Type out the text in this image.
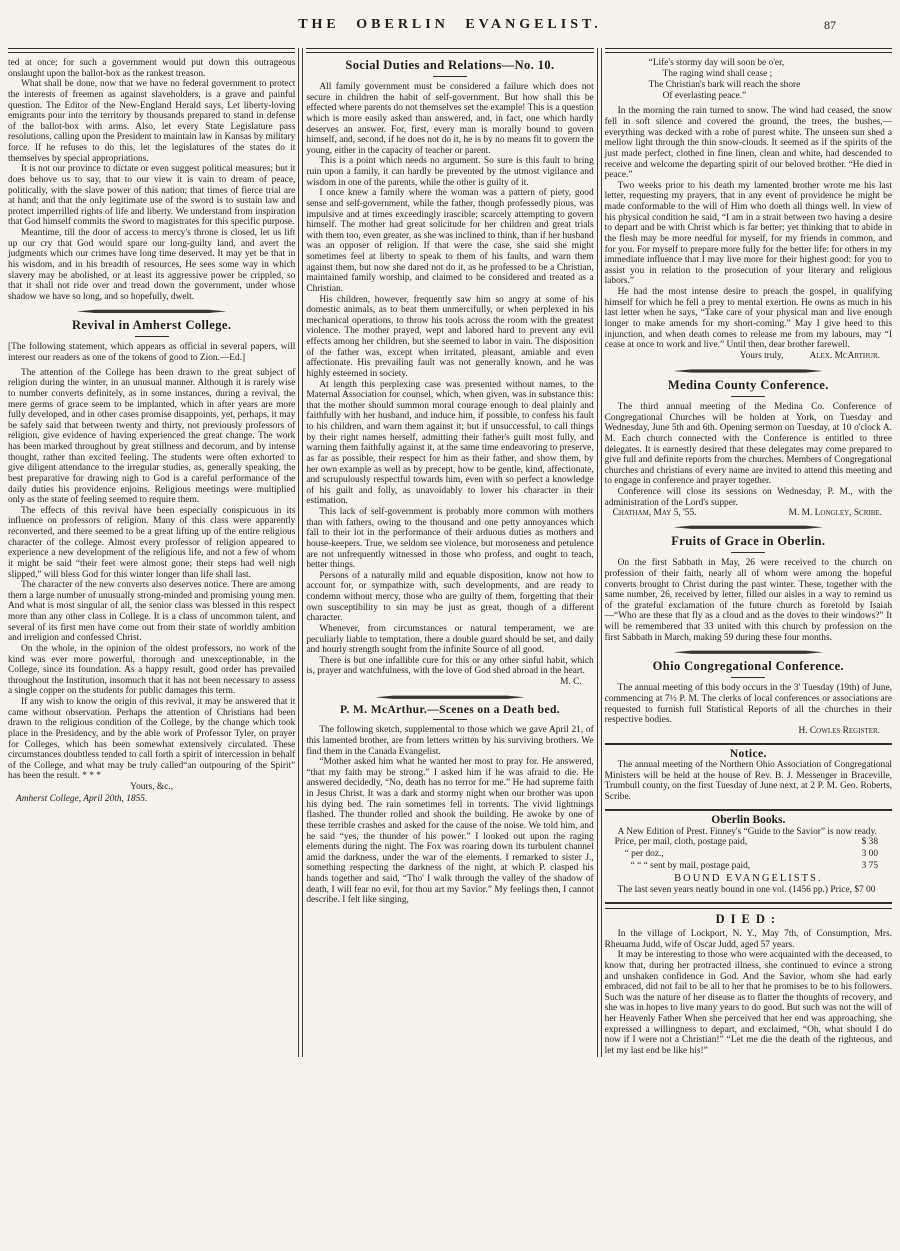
THE OBERLIN EVANGELIST.	87

ted at once; for such a government would put down this outrageous onslaught upon the ballot-box as the rankest treason.

What shall be done, now that we have no federal government to protect the interests of freemen as against slaveholders, is a grave and painful question. The Editor of the New-England Herald says, Let liberty-loving emigrants pour into the territory by thousands prepared to stand in defense of the ballot-box with arms. Also, let every State Legislature pass resolutions, calling upon the President to maintain law in Kansas by military force. If he refuses to do this, let the legislatures of the states do it themselves by special appropriations.

It is not our province to dictate or even suggest political measures; but it does behove us to say, that to our view it is vain to dream of peace, politically, with the slave power of this nation; that times of fierce trial are at hand; and that the only legitimate use of the sword is to sustain law and protect imperrilled rights of life and liberty. We understand from inspiration that God himself commits the sword to magistrates for this specific purpose.

Meantime, till the door of access to mercy's throne is closed, let us lift up our cry that God would spare our long-guilty land, and avert the judgments which our crimes have long time deserved. It may yet be that in his wisdom, and in his breadth of resources, He sees some way in which slavery may be abolished, or at least its aggressive power be crippled, so that it shall not ride over and tread down the government, under whose shadow we have so long, and so hopefully, dwelt.

Revival in Amherst College.
[The following statement, which appears as official in several papers, will interest our readers as one of the tokens of good to Zion.—Ed.]

The attention of the College has been drawn to the great subject of religion during the winter, in an unusual manner. Although it is rarely wise to number converts definitely, as in some instances, during a revival, the mere germs of grace seem to be implanted, which in after years are more fully developed, and in other cases promise disappoints, yet, perhaps, it may be safely said that between twenty and thirty, not previously professors of religion, give evidence of having experienced the great change. The work has been marked throughout by great stillness and decorum, and by intense thought, rather than excited feeling. The students were often exhorted to give diligent attendance to the irregular studies, as, generally speaking, the best preparative for drawing nigh to God is a careful performance of the daily duties his providence enjoins. Religious meetings were multiplied only as the state of feeling seemed to require them.

The effects of this revival have been especially conspicuous in its influence on professors of religion. Many of this class were apparently reconverted, and there seemed to be a great lifting up of the entire religious character of the college. Almost every professor of religion appeared to experience a new development of the religious life, and not a few of whom it might be said “their feet were almost gone; their steps had well nigh slipped,” will bless God for this winter longer than life shall last.

The character of the new converts also deserves notice. There are among them a large number of unusually strong-minded and promising young men. And what is most singular of all, the senior class was blessed in this respect more than any other class in College. It is a class of uncommon talent, and several of its first men have come out from their state of worldly ambition and irreligion and confessed Christ.

On the whole, in the opinion of the oldest professors, no work of the kind was ever more powerful, thorough and unexceptionable, in the College, since its foundation. As a happy result, good order has prevailed throughout the Institution, insomuch that it has not been necessary to assess a single copper on the students for public damages this term.

If any wish to know the origin of this revival, it may be answered that it came without observation. Perhaps the attention of Christians had been drawn to the religious condition of the College, by the change which took place in the Presidency, and by the able work of Professor Tyler, on prayer for Colleges, which has been somewhat extensively circulated. These circumstances doubtless tended to call forth a spirit of intercession in behalf of the College, and what may be truly called“an outpouring of the Spirit” has been the result. * * *

Yours, &c.,
Amherst College, April 20th, 1855.
Social Duties and Relations—No. 10.

All family government must be considered a failure which does not secure in children the habit of self-government. But how shall this be effected where parents do not themselves set the example! This is a question which is more easily asked than answered, and, in fact, one which hardly deserves an answer. For, first, every man is morally bound to govern himself, and, second, if he does not do it, he is by no means fit to govern the young, either in the capacity of teacher or parent.

This is a point which needs no argument. So sure is this fault to bring ruin upon a family, it can hardly be prevented by the utmost vigilance and wisdom in one of the parents, while the other is guilty of it.

I once knew a family where the woman was a pattern of piety, good sense and self-government, while the father, though professedly pious, was impulsive and at times exceedingly irascible; scarcely attempting to govern himself. The mother had great solicitude for her children and great trials with them too, even greater, as she was inclined to think, than if her husband was an opposer of religion. If that were the case, she said she might sometimes feel at liberty to speak to them of his faults, and warn them against them, but now she dared not do it, as he professed to be a Christian, maintained family worship, and claimed to be considered and treated as a Christian.

His children, however, frequently saw him so angry at some of his domestic animals, as to beat them unmercifully, or when perplexed in his mechanical operations, to throw his tools across the room with the greatest violence. The mother prayed, wept and labored hard to prevent any evil effects among her children, but she seemed to labor in vain. The disposition of the father was, except when irritated, pleasant, amiable and even affectionate. His prevailing fault was not generally known, and he was highly esteemed in society.

At length this perplexing case was presented without names, to the Maternal Association for counsel, which, when given, was in substance this: that the mother should summon moral courage enough to deal plainly and faithfully with her husband, and induce him, if possible, to confess his fault to his children, and warn them against it; but if unsuccessful, to call things by their right names herself, admitting their father's guilt most fully, and warning them faithfully against it, at the same time endeavoring to preserve, as far as possible, their respect for him as their father, and show them, by her own example as well as by precept, how to be gentle, kind, affectionate, and scrupulously respectful towards him, even with so perfect a knowledge of his guilt and folly, as unavoidably to lower his character in their estimation.

This lack of self-government is probably more common with mothers than with fathers, owing to the thousand and one petty annoyances which fall to their lot in the performance of their arduous duties as mothers and house-keepers. True, we seldom see violence, but moroseness and petulence are not unfrequently witnessed in those who profess, and ought to teach, better things.

Persons of a naturally mild and equable disposition, know not how to account for, or sympathize with, such developments, and are ready to condemn without mercy, those who are guilty of them, forgetting that their own susceptibility to sin may be just as great, though of a different character.

Whenever, from circumstances or natural temperament, we are peculiarly liable to temptation, there a double guard should be set, and daily and hourly strength sought from the infinite Source of all good.

There is but one infallible cure for this or any other sinful habit, which is, prayer and watchfulness, with the love of God shed abroad in the heart.

M. C.
P. M. McArthur.—Scenes on a Death bed.

The following sketch, supplemental to those which we gave April 21, of this lamented brother, are from letters written by his surviving brothers. We find them in the Canada Evangelist.

“Mother asked him what he wanted her most to pray for. He answered, “that my faith may be strong.” I asked him if he was afraid to die. He answered decidedly, “No, death has no terror for me.” He had supreme faith in Jesus Christ. It was a dark and stormy night when our brother was upon his dying bed. The rain sometimes fell in torrents. The vivid lightnings flashed. The thunder rolled and shook the building. He awoke by one of these terrible crashes and asked for the cause of the noise. We told him, and he said “yes, the thunder of his power.” I looked out upon the raging elements during the night. The Fox was roaring down its turbulent channel amid the darkness, under the war of the elements. I remarked to sister J., something respecting the darkness of the night, at which P. clasped his hands together and said, “Tho' I walk through the valley of the shadow of death, I will fear no evil, for thou art my Savior.” My feelings then, I cannot describe. I felt like singing,

“Life's stormy day will soon be o'er,
The raging wind shall cease ;
The Christian's bark will reach the shore
Of everlasting peace.”

In the morning the rain turned to snow. The wind had ceased, the snow fell in soft silence and covered the ground, the trees, the bushes,—everything was decked with a robe of purest white. The unseen sun shed a mellow light through the thin snow-clouds. It seemed as if the spirits of the just made perfect, clothed in fine linen, clean and white, had descended to receive and welcome the departing spirit of our beloved brother. “He died in peace.”

Two weeks prior to his death my lamented brother wrote me his last letter, requesting my prayers, that in any event of providence he might be made conformable to the will of Him who doeth all things well. In view of his physical condition he said, “I am in a strait between two having a desire to depart and be with Christ which is far better; yet thinking that to abide in the flesh may be more needful for myself, for my friends in common, and for you. For myself to prepare more fully for the better life: for others in my immediate influence that I may live more for their highest good: for you to assist you in relation to the prosecution of your literary and religious labors.”

He had the most intense desire to preach the gospel, in qualifying himself for which he fell a prey to mental exertion. He owns as much in his last letter when he says, “Take care of your physical man and live enough longer to make amends for my short-coming.” May I give heed to this injunction, and when death comes to release me from my labours, may “I cease at once to work and live.” Until then, dear brother farewell.

Yours truly,	Alex. McArthur.
Medina County Conference.

The third annual meeting of the Medina Co. Conference of Congregational Churches will be holden at York, on Tuesday and Wednesday, June 5th and 6th. Opening sermon on Tuesday, at 10 o'clock A. M. Each church connected with the Conference is entitled to three delegates. It is earnestly desired that these delegates may come prepared to give full and definite reports from the churches. Members of Congregational churches and christians of every name are invited to attend this meeting and to engage in conference and prayer together.

Conference will close its sessions on Wednesday, P. M., with the administration of the Lord's supper.

Chatham, May 5, '55.	M. M. Longley, Scribe.
Fruits of Grace in Oberlin.

On the first Sabbath in May, 26 were received to the church on profession of their faith, nearly all of whom were among the hopeful converts brought to Christ during the past winter. These, together with the same number, 26, received by letter, filled our aisles in a way to remind us of the grateful exclamation of the future church as foretold by Isaiah—“Who are these that fly as a cloud and as the doves to their windows?” It will be remembered that 33 united with this church by profession on the first Sabbath in March, making 59 during these four months.

Ohio Congregational Conference.

The annual meeting of this body occurs in the 3' Tuesday (19th) of June, commencing at 7½ P. M. The clerks of local conferences or associations are requested to furnish full Statistical Reports of all the churches in their respective bodies.

H. Cowles Register.
Notice.

The annual meeting of the Northern Ohio Association of Congregational Ministers will be held at the house of Rev. B. J. Messenger in Braceville, Trumbull county, on the first Tuesday of June next, at 2 P. M. Geo. Roberts, Scribe.

Oberlin Books.

A New Edition of Prest. Finney's “Guide to the Savior” is now ready.

Price, per mail, cloth, postage paid,	$ 38
“ per doz.,	3 00
“ “ “ sent by mail, postage paid,	3 75
BOUND EVANGELISTS.

The last seven years neatly bound in one vol. (1456 pp.) Price, $7 00

DIED:

In the village of Lockport, N. Y., May 7th, of Consumption, Mrs. Rheuama Judd, wife of Oscar Judd, aged 57 years.

It may be interesting to those who were acquainted with the deceased, to know that, during her protracted illness, she continued to evince a strong and unshaken confidence in God. And the Savior, whom she had early embraced, did not fail to be all to her that he promises to be to his followers. Such was the nature of her disease as to flatter the thoughts of recovery, and she was in hopes to live many years to do good. But such was not the will of her Heavenly Father When she perceived that her end was approaching, she expressed a willingness to depart, and exclaimed, “Oh, what should I do now if I were not a Christian!” “Let me die the death of the righteous, and let my last end be like his!”
